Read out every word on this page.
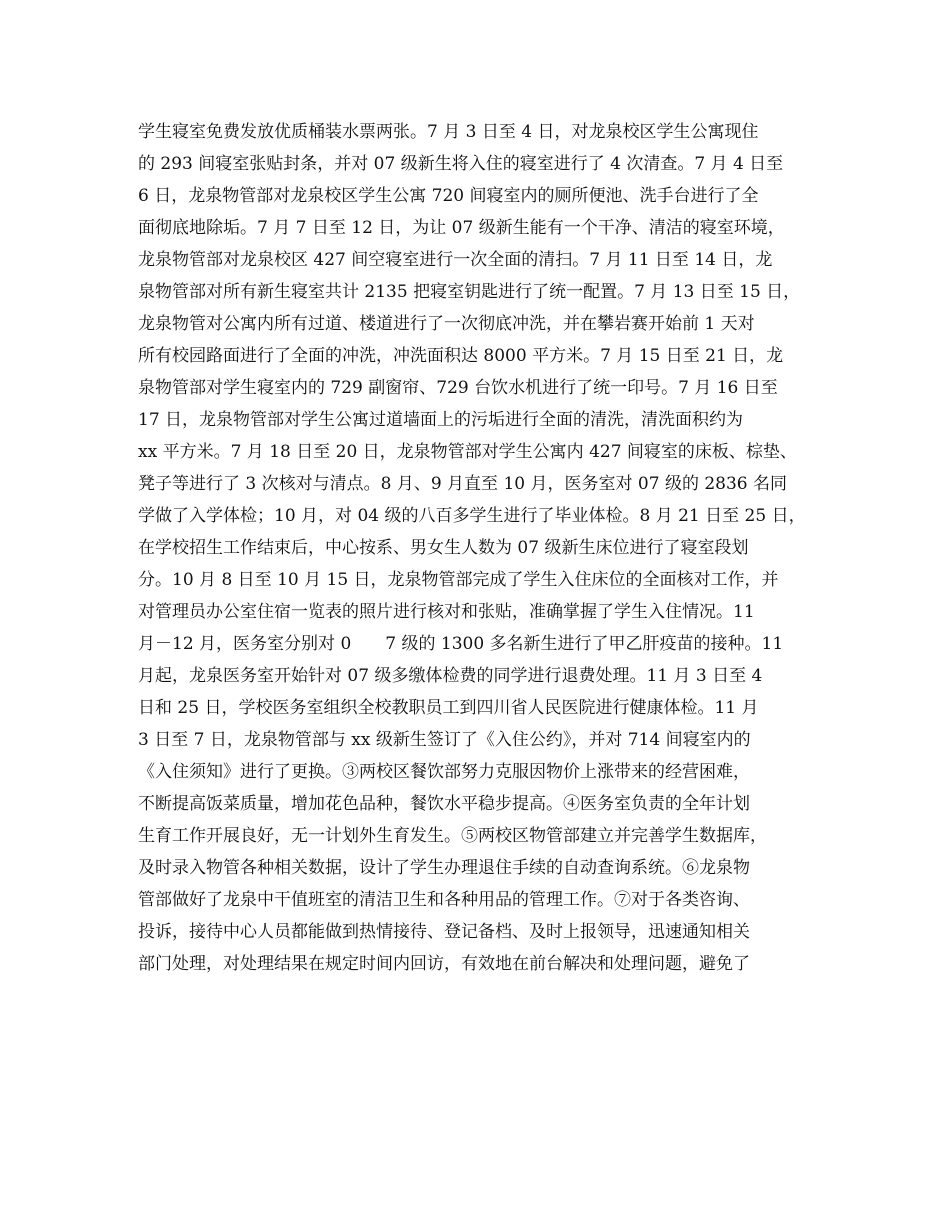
学生寝室免费发放优质桶装水票两张。7 月 3 日至 4 日，对龙泉校区学生公寓现住
的 293 间寝室张贴封条，并对 07 级新生将入住的寝室进行了 4 次清查。7 月 4 日至
6 日，龙泉物管部对龙泉校区学生公寓 720 间寝室内的厕所便池、洗手台进行了全
面彻底地除垢。7 月 7 日至 12 日，为让 07 级新生能有一个干净、清洁的寝室环境，
龙泉物管部对龙泉校区 427 间空寝室进行一次全面的清扫。7 月 11 日至 14 日，龙
泉物管部对所有新生寝室共计 2135 把寝室钥匙进行了统一配置。7 月 13 日至 15 日，
龙泉物管对公寓内所有过道、楼道进行了一次彻底冲洗，并在攀岩赛开始前 1 天对
所有校园路面进行了全面的冲洗，冲洗面积达 8000 平方米。7 月 15 日至 21 日，龙
泉物管部对学生寝室内的 729 副窗帘、729 台饮水机进行了统一印号。7 月 16 日至
17 日，龙泉物管部对学生公寓过道墙面上的污垢进行全面的清洗，清洗面积约为
xx 平方米。7 月 18 日至 20 日，龙泉物管部对学生公寓内 427 间寝室的床板、棕垫、
凳子等进行了 3 次核对与清点。8 月、9 月直至 10 月，医务室对 07 级的 2836 名同
学做了入学体检；10 月，对 04 级的八百多学生进行了毕业体检。8 月 21 日至 25 日，
在学校招生工作结束后，中心按系、男女生人数为 07 级新生床位进行了寝室段划
分。10 月 8 日至 10 月 15 日，龙泉物管部完成了学生入住床位的全面核对工作，并
对管理员办公室住宿一览表的照片进行核对和张贴，准确掌握了学生入住情况。11
月－12 月，医务室分别对 0　　7 级的 1300 多名新生进行了甲乙肝疫苗的接种。11
月起，龙泉医务室开始针对 07 级多缴体检费的同学进行退费处理。11 月 3 日至 4
日和 25 日，学校医务室组织全校教职员工到四川省人民医院进行健康体检。11 月
3 日至 7 日，龙泉物管部与 xx 级新生签订了《入住公约》，并对 714 间寝室内的
《入住须知》进行了更换。③两校区餐饮部努力克服因物价上涨带来的经营困难，
不断提高饭菜质量，增加花色品种，餐饮水平稳步提高。④医务室负责的全年计划
生育工作开展良好，无一计划外生育发生。⑤两校区物管部建立并完善学生数据库，
及时录入物管各种相关数据，设计了学生办理退住手续的自动查询系统。⑥龙泉物
管部做好了龙泉中干值班室的清洁卫生和各种用品的管理工作。⑦对于各类咨询、
投诉，接待中心人员都能做到热情接待、登记备档、及时上报领导，迅速通知相关
部门处理，对处理结果在规定时间内回访，有效地在前台解决和处理问题，避免了
